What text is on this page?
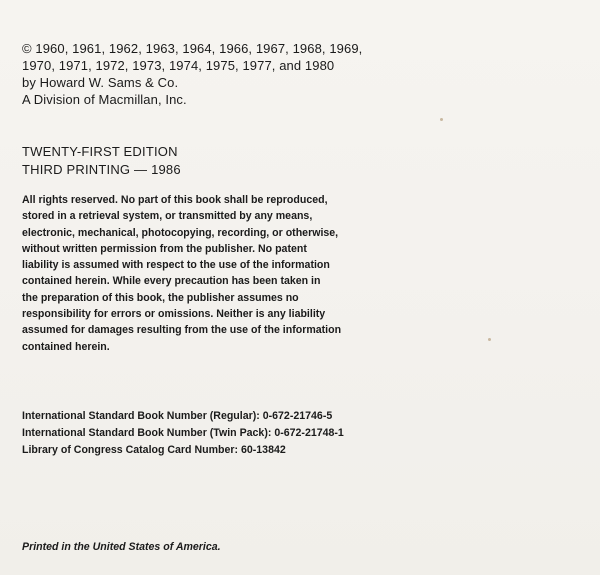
© 1960, 1961, 1962, 1963, 1964, 1966, 1967, 1968, 1969,
1970, 1971, 1972, 1973, 1974, 1975, 1977, and 1980
by Howard W. Sams & Co.
A Division of Macmillan, Inc.
TWENTY-FIRST EDITION
THIRD PRINTING — 1986
All rights reserved. No part of this book shall be reproduced,
stored in a retrieval system, or transmitted by any means,
electronic, mechanical, photocopying, recording, or otherwise,
without written permission from the publisher. No patent
liability is assumed with respect to the use of the information
contained herein. While every precaution has been taken in
the preparation of this book, the publisher assumes no
responsibility for errors or omissions. Neither is any liability
assumed for damages resulting from the use of the information
contained herein.
International Standard Book Number (Regular): 0-672-21746-5
International Standard Book Number (Twin Pack): 0-672-21748-1
Library of Congress Catalog Card Number: 60-13842
Printed in the United States of America.
